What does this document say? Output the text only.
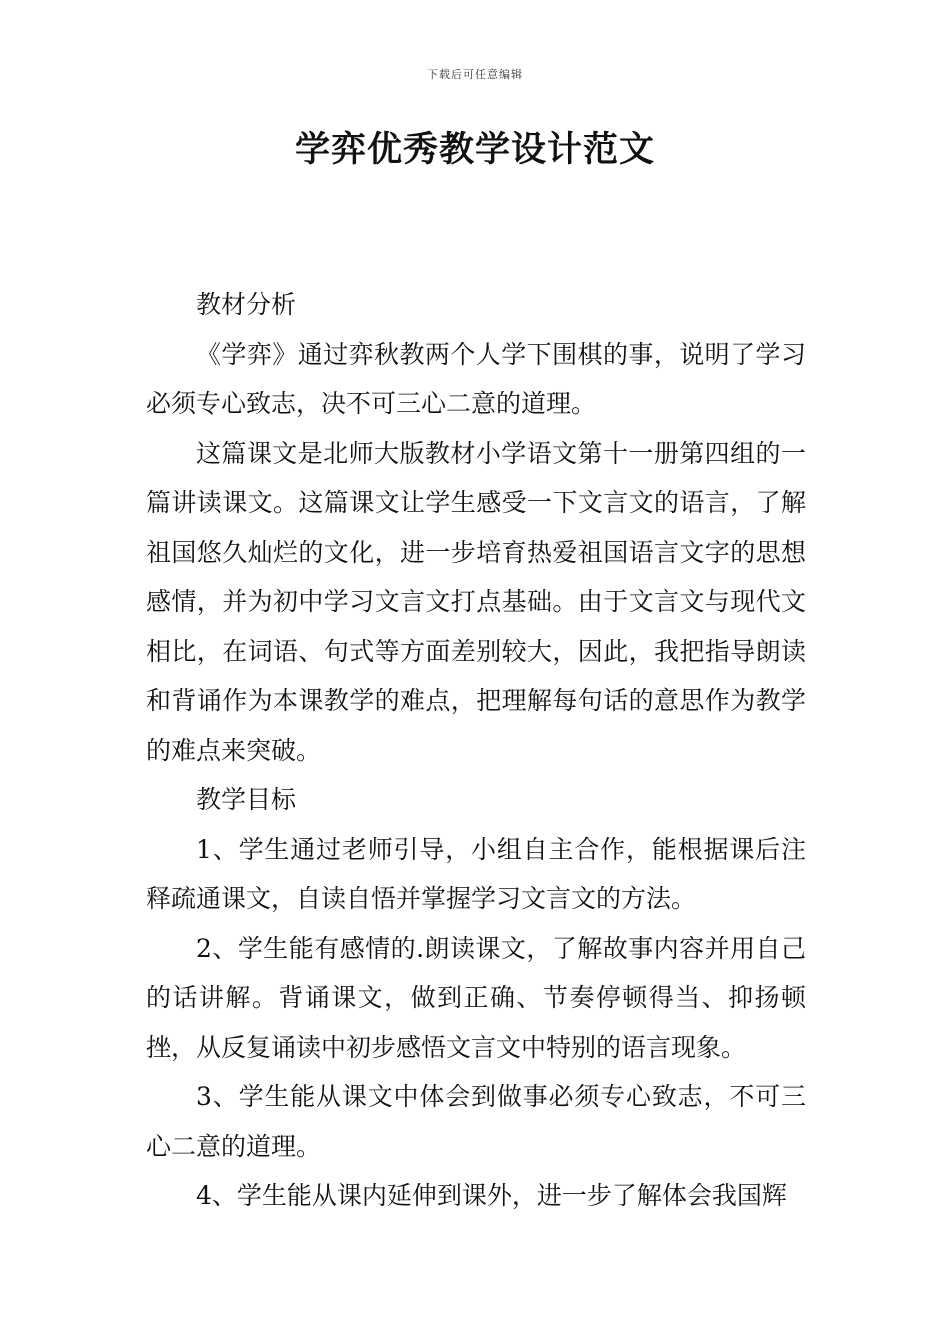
下载后可任意编辑
学弈优秀教学设计范文

教材分析

《学弈》通过弈秋教两个人学下围棋的事，说明了学习必须专心致志，决不可三心二意的道理。

这篇课文是北师大版教材小学语文第十一册第四组的一篇讲读课文。这篇课文让学生感受一下文言文的语言，了解祖国悠久灿烂的文化，进一步培育热爱祖国语言文字的思想感情，并为初中学习文言文打点基础。由于文言文与现代文相比，在词语、句式等方面差别较大，因此，我把指导朗读和背诵作为本课教学的难点，把理解每句话的意思作为教学的难点来突破。

教学目标

1、学生通过老师引导，小组自主合作，能根据课后注释疏通课文，自读自悟并掌握学习文言文的方法。

2、学生能有感情的.朗读课文，了解故事内容并用自己的话讲解。背诵课文，做到正确、节奏停顿得当、抑扬顿挫，从反复诵读中初步感悟文言文中特别的语言现象。

3、学生能从课文中体会到做事必须专心致志，不可三心二意的道理。

4、学生能从课内延伸到课外，进一步了解体会我国辉
